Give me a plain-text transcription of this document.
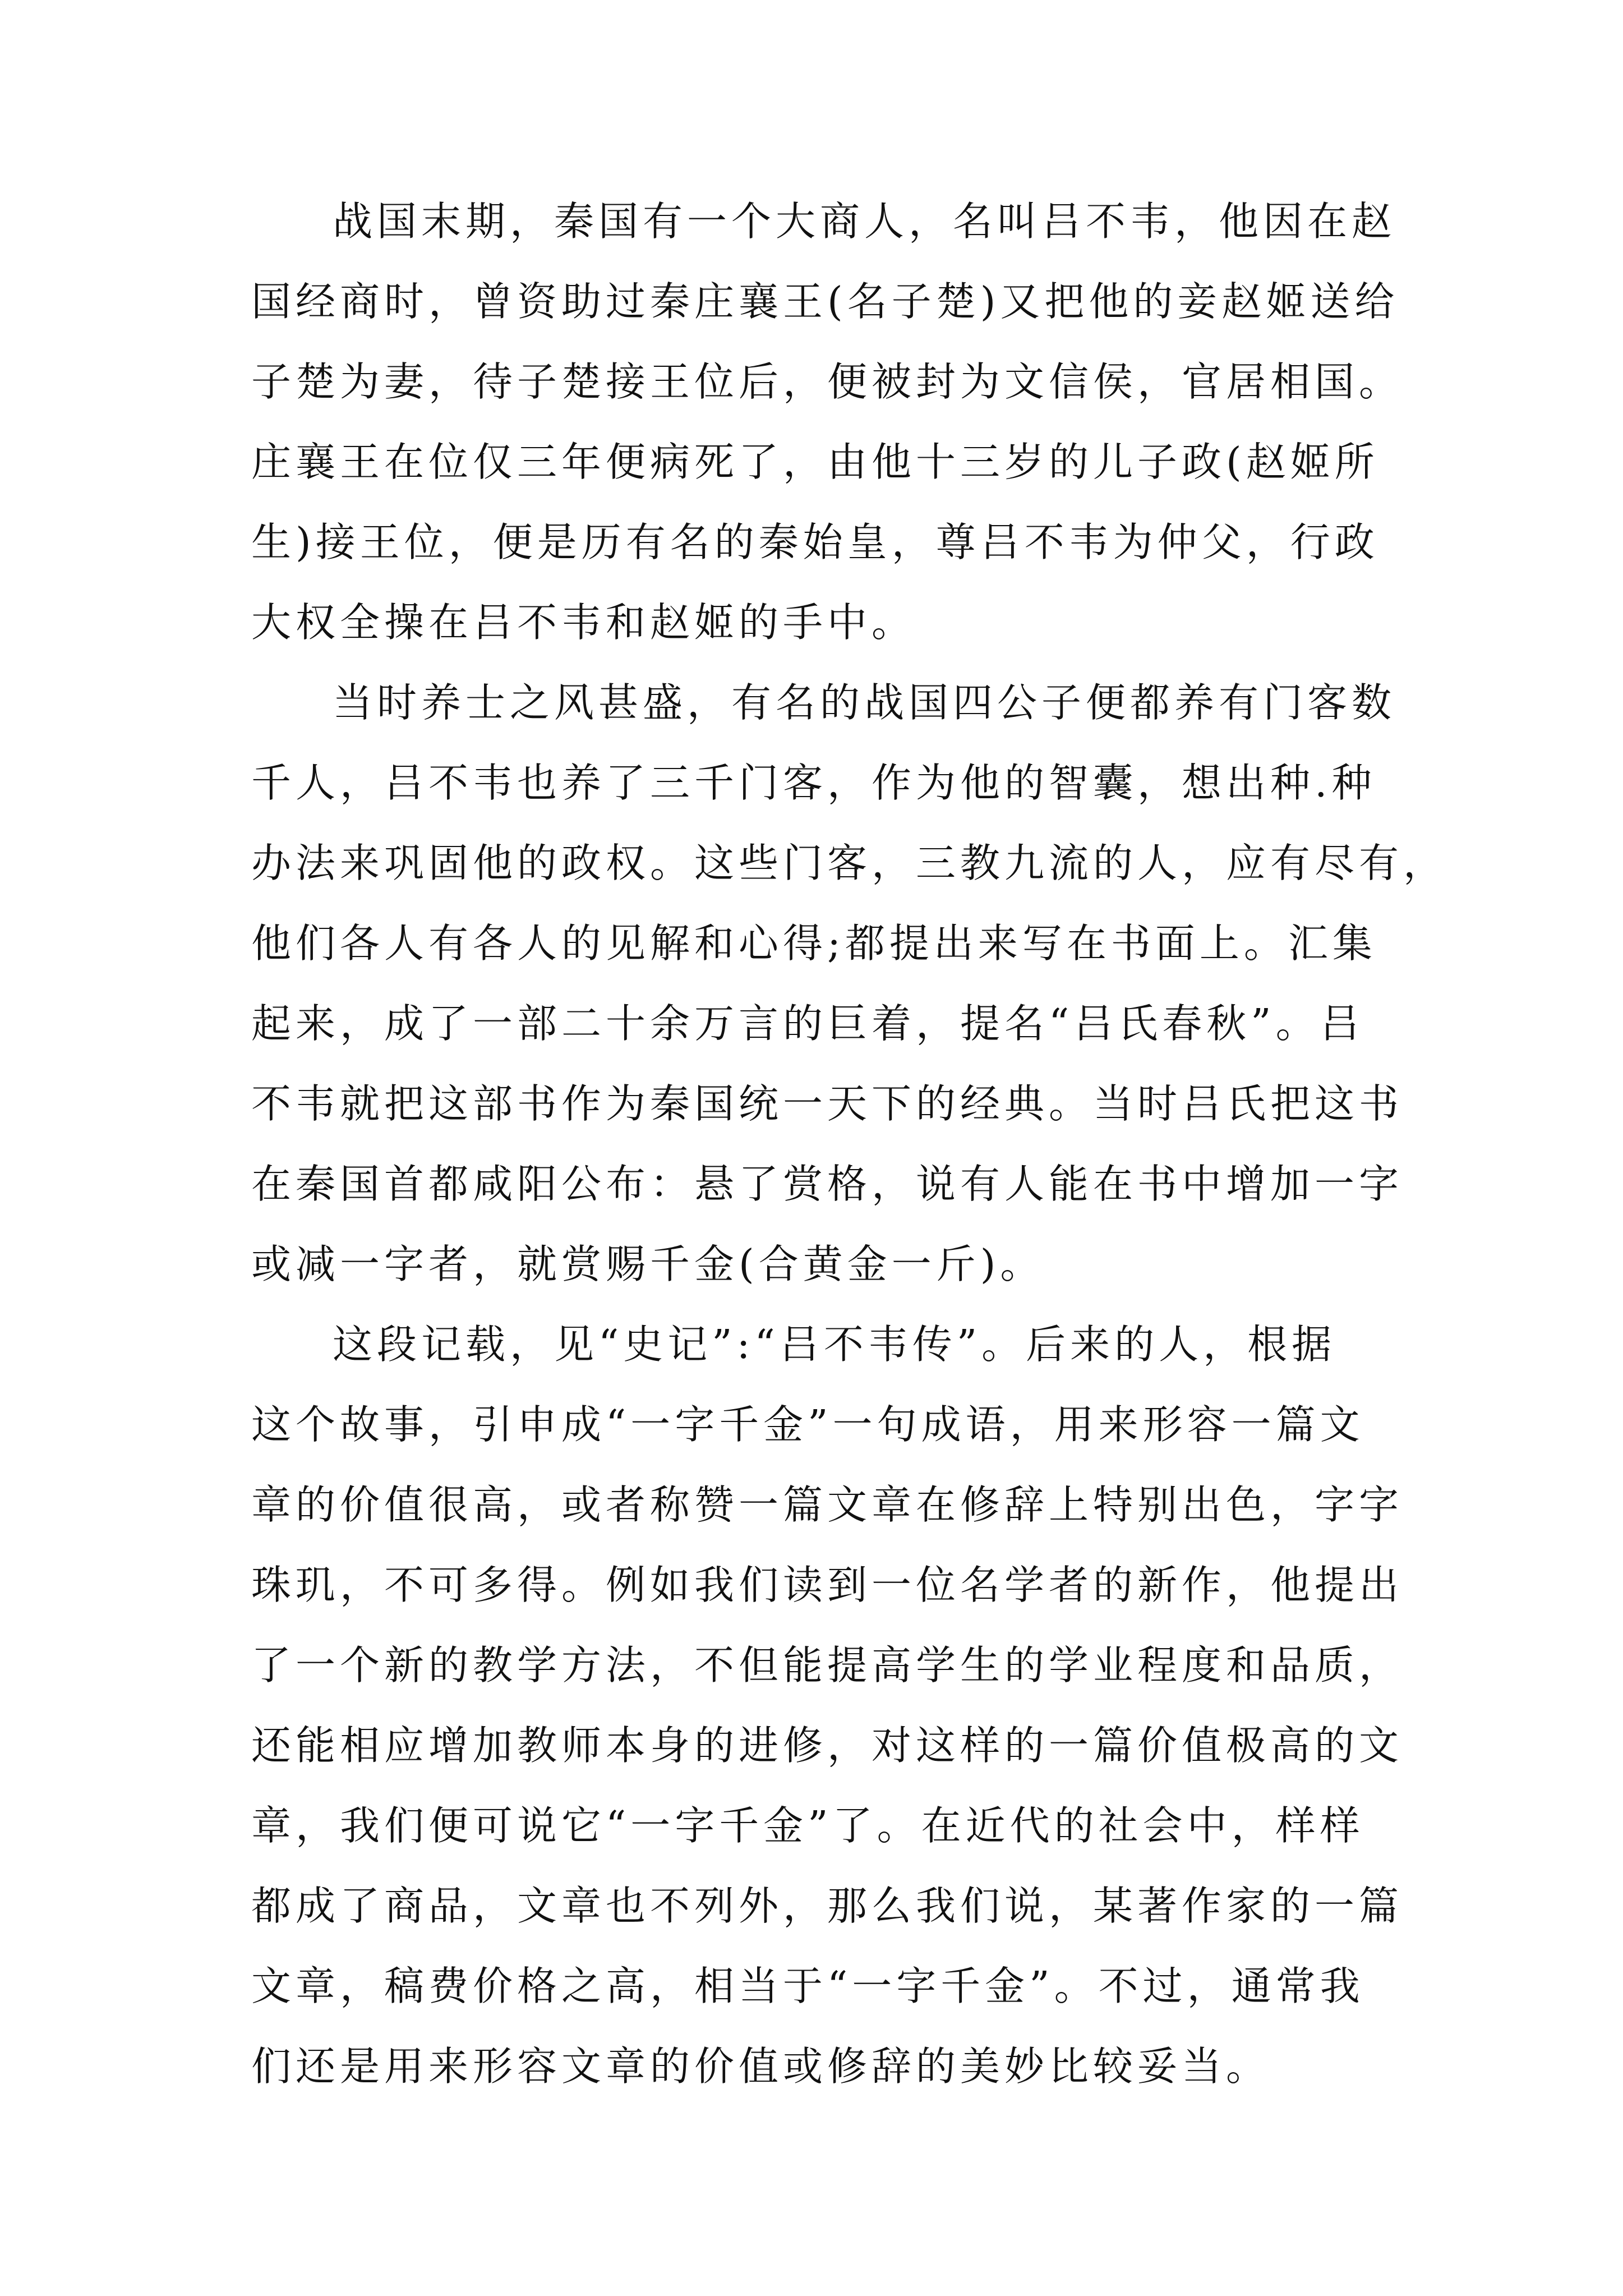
战国末期，秦国有一个大商人，名叫吕不韦，他因在赵
国经商时，曾资助过秦庄襄王(名子楚)又把他的妾赵姬送给
子楚为妻，待子楚接王位后，便被封为文信侯，官居相国。
庄襄王在位仅三年便病死了，由他十三岁的儿子政(赵姬所
生)接王位，便是历有名的秦始皇，尊吕不韦为仲父，行政
大权全操在吕不韦和赵姬的手中。
当时养士之风甚盛，有名的战国四公子便都养有门客数
千人，吕不韦也养了三千门客，作为他的智囊，想出种.种
办法来巩固他的政权。这些门客，三教九流的人，应有尽有，
他们各人有各人的见解和心得;都提出来写在书面上。汇集
起来，成了一部二十余万言的巨着，提名“吕氏春秋”。吕
不韦就把这部书作为秦国统一天下的经典。当时吕氏把这书
在秦国首都咸阳公布：悬了赏格，说有人能在书中增加一字
或减一字者，就赏赐千金(合黄金一斤)。
这段记载，见“史记”:“吕不韦传”。后来的人，根据
这个故事，引申成“一字千金”一句成语，用来形容一篇文
章的价值很高，或者称赞一篇文章在修辞上特别出色，字字
珠玑，不可多得。例如我们读到一位名学者的新作，他提出
了一个新的教学方法，不但能提高学生的学业程度和品质，
还能相应增加教师本身的进修，对这样的一篇价值极高的文
章，我们便可说它“一字千金”了。在近代的社会中，样样
都成了商品，文章也不列外，那么我们说，某著作家的一篇
文章，稿费价格之高，相当于“一字千金”。不过，通常我
们还是用来形容文章的价值或修辞的美妙比较妥当。
